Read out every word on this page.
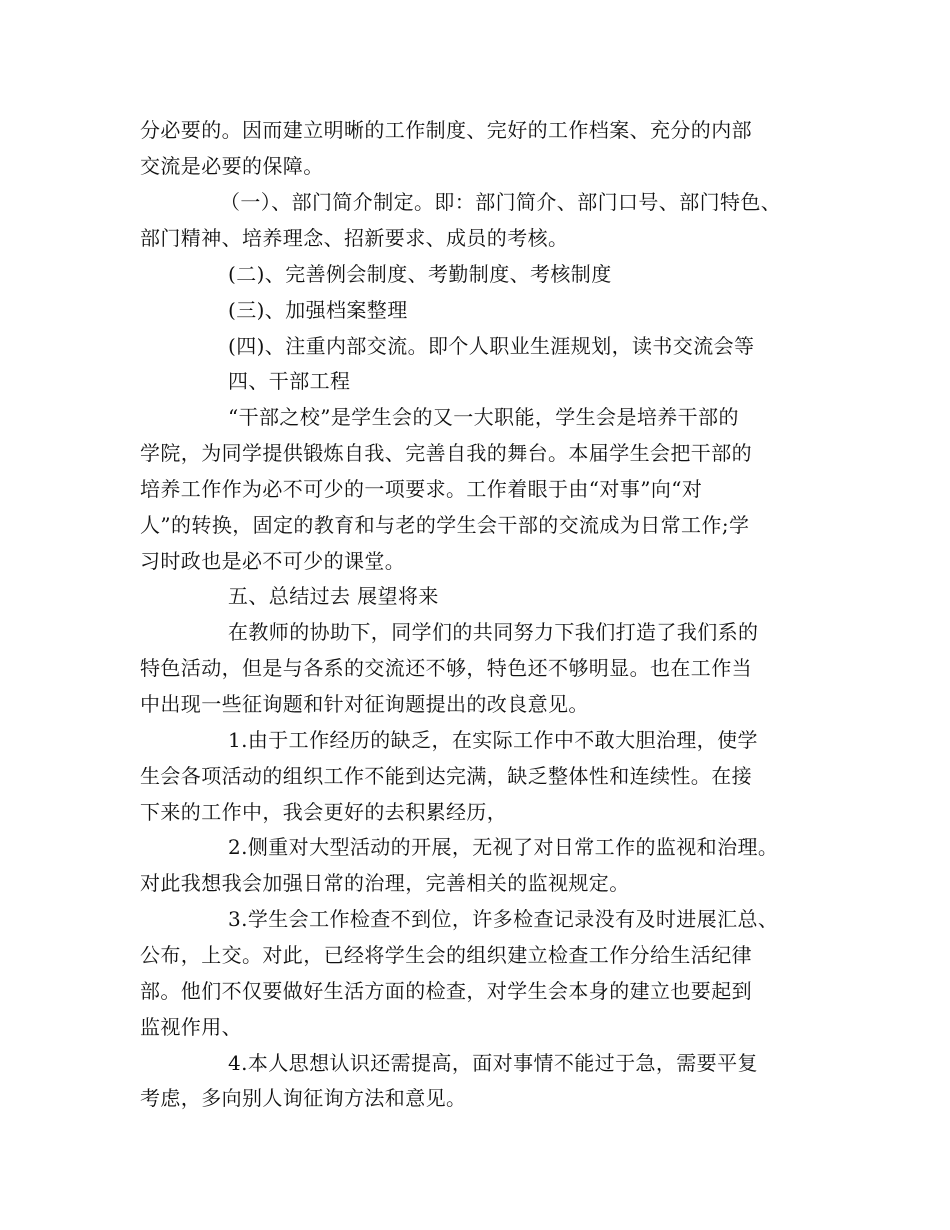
分必要的。因而建立明晰的工作制度、完好的工作档案、充分的内部

交流是必要的保障。

（一）、部门简介制定。即：部门简介、部门口号、部门特色、

部门精神、培养理念、招新要求、成员的考核。

(二)、完善例会制度、考勤制度、考核制度

(三)、加强档案整理

(四)、注重内部交流。即个人职业生涯规划，读书交流会等

四、干部工程

“干部之校”是学生会的又一大职能，学生会是培养干部的

学院，为同学提供锻炼自我、完善自我的舞台。本届学生会把干部的

培养工作作为必不可少的一项要求。工作着眼于由“对事”向“对

人”的转换，固定的教育和与老的学生会干部的交流成为日常工作;学

习时政也是必不可少的课堂。

五、总结过去 展望将来

在教师的协助下，同学们的共同努力下我们打造了我们系的

特色活动，但是与各系的交流还不够，特色还不够明显。也在工作当

中出现一些征询题和针对征询题提出的改良意见。

1.由于工作经历的缺乏，在实际工作中不敢大胆治理，使学

生会各项活动的组织工作不能到达完满，缺乏整体性和连续性。在接

下来的工作中，我会更好的去积累经历，

2.侧重对大型活动的开展，无视了对日常工作的监视和治理。

对此我想我会加强日常的治理，完善相关的监视规定。

3.学生会工作检查不到位，许多检查记录没有及时进展汇总、

公布，上交。对此，已经将学生会的组织建立检查工作分给生活纪律

部。他们不仅要做好生活方面的检查，对学生会本身的建立也要起到

监视作用、

4.本人思想认识还需提高，面对事情不能过于急，需要平复

考虑，多向别人询征询方法和意见。
